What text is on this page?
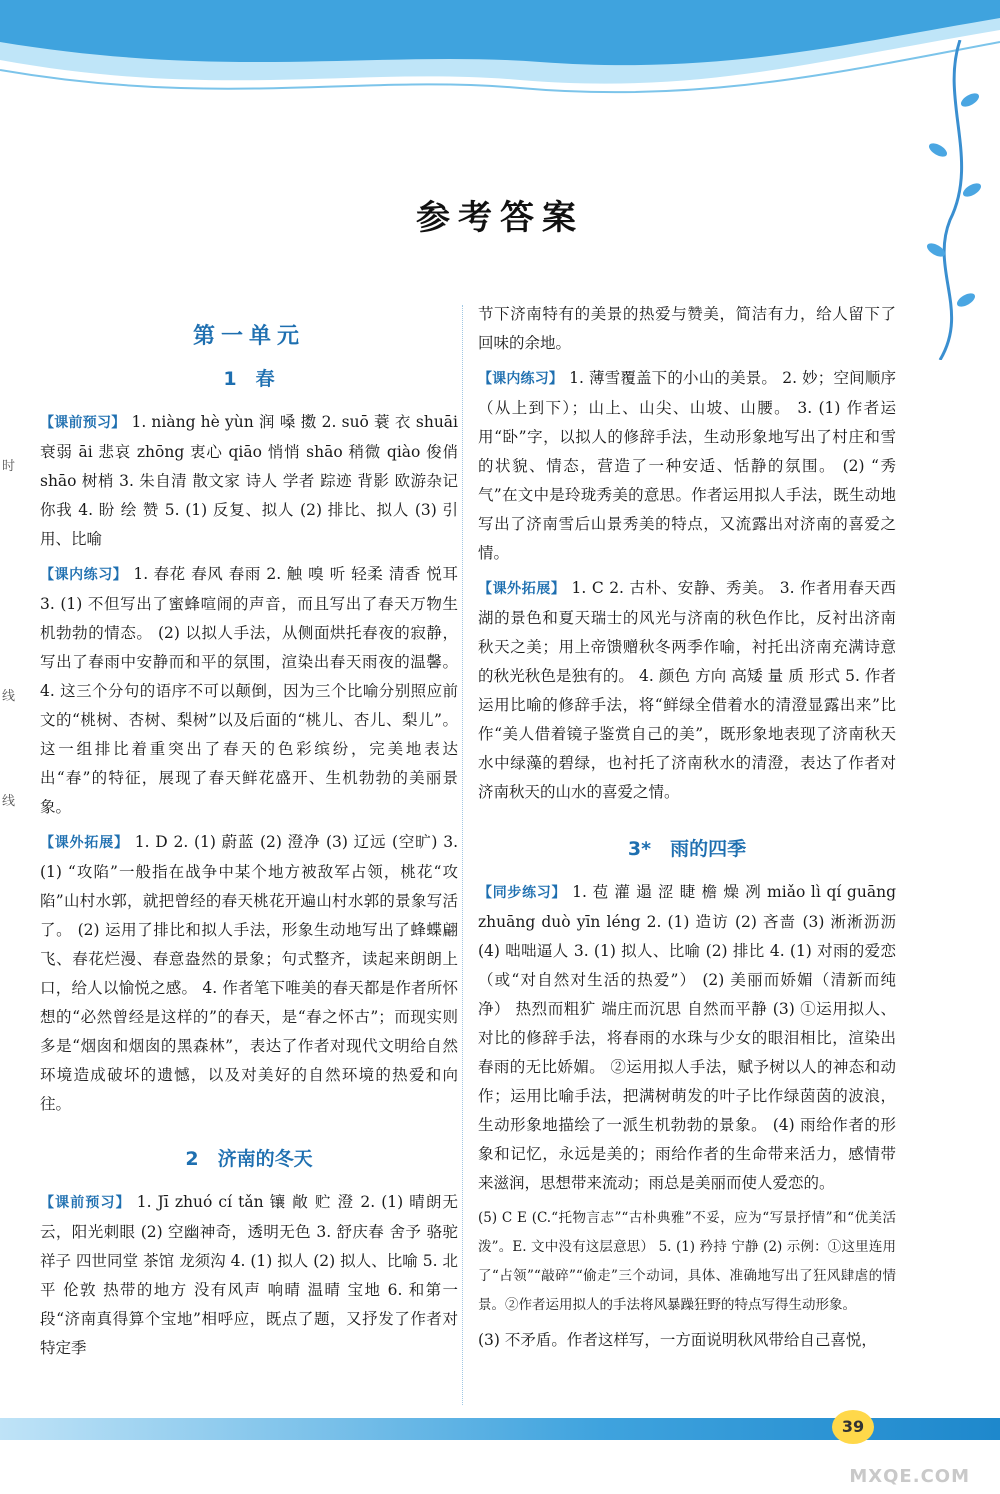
参考答案
时
线
线
第一单元
1　春
【课前预习】 1. niàng hè yùn 润 嗓 擞 2. suō 蓑 衣 shuāi 衰弱 āi 悲哀 zhōng 衷心 qiāo 悄悄 shāo 稍微 qiào 俊俏 shāo 树梢 3. 朱自清 散文家 诗人 学者 踪迹 背影 欧游杂记 你我 4. 盼 绘 赞 5. (1) 反复、拟人 (2) 排比、拟人 (3) 引用、比喻
【课内练习】 1. 春花 春风 春雨 2. 触 嗅 听 轻柔 清香 悦耳 3. (1) 不但写出了蜜蜂喧闹的声音，而且写出了春天万物生机勃勃的情态。 (2) 以拟人手法，从侧面烘托春夜的寂静，写出了春雨中安静而和平的氛围，渲染出春天雨夜的温馨。 4. 这三个分句的语序不可以颠倒，因为三个比喻分别照应前文的“桃树、杏树、梨树”以及后面的“桃儿、杏儿、梨儿”。这一组排比着重突出了春天的色彩缤纷，完美地表达出“春”的特征，展现了春天鲜花盛开、生机勃勃的美丽景象。
【课外拓展】 1. D 2. (1) 蔚蓝 (2) 澄净 (3) 辽远 (空旷) 3. (1) “攻陷”一般指在战争中某个地方被敌军占领，桃花“攻陷”山村水郭，就把曾经的春天桃花开遍山村水郭的景象写活了。 (2) 运用了排比和拟人手法，形象生动地写出了蜂蝶翩飞、春花烂漫、春意盎然的景象；句式整齐，读起来朗朗上口，给人以愉悦之感。 4. 作者笔下唯美的春天都是作者所怀想的“必然曾经是这样的”的春天，是“春之怀古”；而现实则多是“烟囱和烟囱的黑森林”，表达了作者对现代文明给自然环境造成破坏的遗憾，以及对美好的自然环境的热爱和向往。
2　济南的冬天
【课前预习】 1. Jī zhuó cí tǎn 镶 敞 贮 澄 2. (1) 晴朗无云，阳光刺眼 (2) 空幽神奇，透明无色 3. 舒庆春 舍予 骆驼祥子 四世同堂 茶馆 龙须沟 4. (1) 拟人 (2) 拟人、比喻 5. 北平 伦敦 热带的地方 没有风声 响晴 温晴 宝地 6. 和第一段“济南真得算个宝地”相呼应，既点了题，又抒发了作者对特定季
节下济南特有的美景的热爱与赞美，简洁有力，给人留下了回味的余地。
【课内练习】 1. 薄雪覆盖下的小山的美景。 2. 妙；空间顺序（从上到下）；山上、山尖、山坡、山腰。 3. (1) 作者运用“卧”字，以拟人的修辞手法，生动形象地写出了村庄和雪的状貌、情态，营造了一种安适、恬静的氛围。 (2) “秀气”在文中是玲珑秀美的意思。作者运用拟人手法，既生动地写出了济南雪后山景秀美的特点，又流露出对济南的喜爱之情。
【课外拓展】 1. C 2. 古朴、安静、秀美。 3. 作者用春天西湖的景色和夏天瑞士的风光与济南的秋色作比，反衬出济南秋天之美；用上帝馈赠秋冬两季作喻，衬托出济南充满诗意的秋光秋色是独有的。 4. 颜色 方向 高矮 量 质 形式 5. 作者运用比喻的修辞手法，将“鲜绿全借着水的清澄显露出来”比作“美人借着镜子鉴赏自己的美”，既形象地表现了济南秋天水中绿藻的碧绿，也衬托了济南秋水的清澄，表达了作者对济南秋天的山水的喜爱之情。
3*　雨的四季
【同步练习】 1. 苞 灌 遢 涩 睫 檐 燥 冽 miǎo lì qí guāng zhuāng duò yīn léng 2. (1) 造访 (2) 吝啬 (3) 淅淅沥沥 (4) 咄咄逼人 3. (1) 拟人、比喻 (2) 排比 4. (1) 对雨的爱恋（或“对自然对生活的热爱”） (2) 美丽而娇媚（清新而纯净） 热烈而粗犷 端庄而沉思 自然而平静 (3) ①运用拟人、对比的修辞手法，将春雨的水珠与少女的眼泪相比，渲染出春雨的无比娇媚。 ②运用拟人手法，赋予树以人的神态和动作；运用比喻手法，把满树萌发的叶子比作绿茵茵的波浪，生动形象地描绘了一派生机勃勃的景象。 (4) 雨给作者的形象和记忆，永远是美的；雨给作者的生命带来活力，感情带来滋润，思想带来流动；雨总是美丽而使人爱恋的。
(5) C E (C.“托物言志”“古朴典雅”不妥，应为“写景抒情”和“优美活泼”。E. 文中没有这层意思） 5. (1) 矜持 宁静 (2) 示例：①这里连用了“占领”“敲碎”“偷走”三个动词，具体、准确地写出了狂风肆虐的情景。②作者运用拟人的手法将风暴躁狂野的特点写得生动形象。
(3) 不矛盾。作者这样写，一方面说明秋风带给自己喜悦，
39
MXQE.COM
